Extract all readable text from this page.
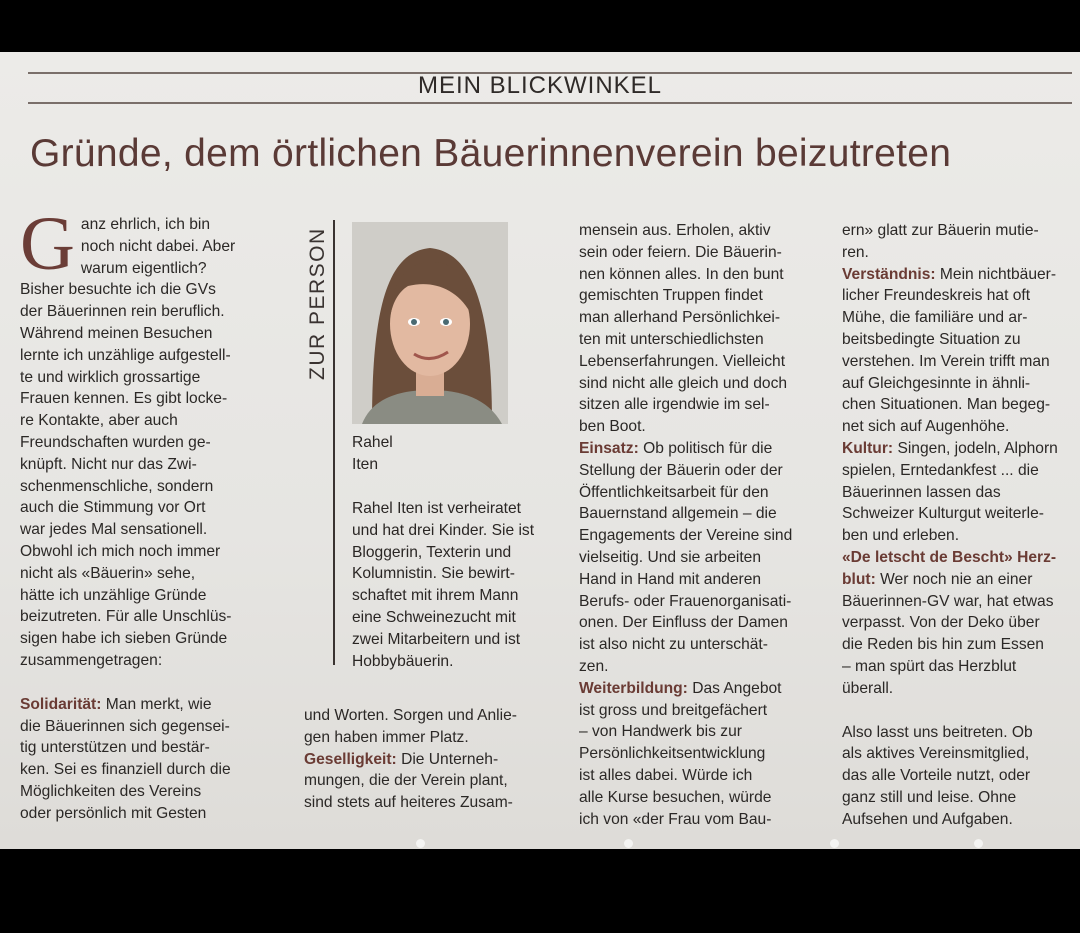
MEIN BLICKWINKEL
Gründe, dem örtlichen Bäuerinnenverein beizutreten
G anz ehrlich, ich bin

noch nicht dabei. Aber

warum eigentlich?

Bisher besuchte ich die GVs

der Bäuerinnen rein beruflich.

Während meinen Besuchen

lernte ich unzählige aufgestell-

te und wirklich grossartige

Frauen kennen. Es gibt locke-

re Kontakte, aber auch

Freundschaften wurden ge-

knüpft. Nicht nur das Zwi-

schenmenschliche, sondern

auch die Stimmung vor Ort

war jedes Mal sensationell.

Obwohl ich mich noch immer

nicht als «Bäuerin» sehe,

hätte ich unzählige Gründe

beizutreten. Für alle Unschlüs-

sigen habe ich sieben Gründe

zusammengetragen:

Solidarität: Man merkt, wie

die Bäuerinnen sich gegensei-

tig unterstützen und bestär-

ken. Sei es finanziell durch die

Möglichkeiten des Vereins

oder persönlich mit Gesten

ZUR PERSON
Rahel
Iten
Rahel Iten ist verheiratet
und hat drei Kinder. Sie ist
Bloggerin, Texterin und
Kolumnistin. Sie bewirt-
schaftet mit ihrem Mann
eine Schweinezucht mit
zwei Mitarbeitern und ist
Hobbybäuerin.

und Worten. Sorgen und Anlie-

gen haben immer Platz.

Geselligkeit: Die Unterneh-

mungen, die der Verein plant,

sind stets auf heiteres Zusam-

mensein aus. Erholen, aktiv

sein oder feiern. Die Bäuerin-

nen können alles. In den bunt

gemischten Truppen findet

man allerhand Persönlichkei-

ten mit unterschiedlichsten

Lebenserfahrungen. Vielleicht

sind nicht alle gleich und doch

sitzen alle irgendwie im sel-

ben Boot.

Einsatz: Ob politisch für die

Stellung der Bäuerin oder der

Öffentlichkeitsarbeit für den

Bauernstand allgemein – die

Engagements der Vereine sind

vielseitig. Und sie arbeiten

Hand in Hand mit anderen

Berufs- oder Frauenorganisati-

onen. Der Einfluss der Damen

ist also nicht zu unterschät-

zen.

Weiterbildung: Das Angebot

ist gross und breitgefächert

– von Handwerk bis zur

Persönlichkeitsentwicklung

ist alles dabei. Würde ich

alle Kurse besuchen, würde

ich von «der Frau vom Bau-

ern» glatt zur Bäuerin mutie-

ren.

Verständnis: Mein nichtbäuer-

licher Freundeskreis hat oft

Mühe, die familiäre und ar-

beitsbedingte Situation zu

verstehen. Im Verein trifft man

auf Gleichgesinnte in ähnli-

chen Situationen. Man begeg-

net sich auf Augenhöhe.

Kultur: Singen, jodeln, Alphorn

spielen, Erntedankfest ... die

Bäuerinnen lassen das

Schweizer Kulturgut weiterle-

ben und erleben.

«De letscht de Bescht» Herz-

blut: Wer noch nie an einer

Bäuerinnen-GV war, hat etwas

verpasst. Von der Deko über

die Reden bis hin zum Essen

– man spürt das Herzblut

überall.

Also lasst uns beitreten. Ob

als aktives Vereinsmitglied,

das alle Vorteile nutzt, oder

ganz still und leise. Ohne

Aufsehen und Aufgaben.
